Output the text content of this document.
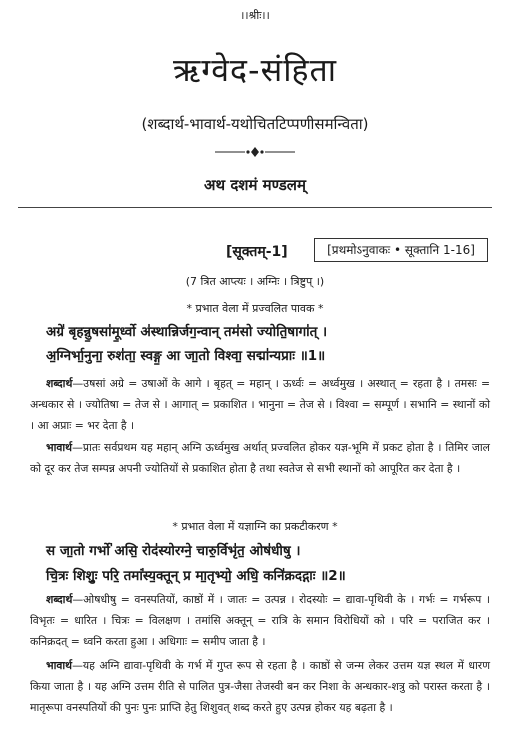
।।श्रीः।।
ऋग्वेद-संहिता
(शब्दार्थ-भावार्थ-यथोचितटिप्पणीसमन्विता)
अथ दशमं मण्डलम्
[सूक्तम्-1]	[प्रथमोऽनुवाकः • सूक्तानि 1-16]
(7 त्रित आप्त्यः । अग्निः । त्रिष्टुप् ।)
* प्रभात वेला में प्रज्वलित पावक *
अग्रे॑ बृहन्नु॒षसा॑मू॒र्ध्वो अ॑स्थान्निर्जग॒न्वान् तम॑सो ज्योति॒षागा॑त् ।
अ॒ग्निर्भा॒नुना॒ रुश॑ता॒ स्वङ्ग॒ आ जा॒तो विश्वा॒ सद्मा॑न्यप्राः ॥1॥
शब्दार्थ—उषसां अग्रे = उषाओं के आगे । बृहत् = महान् । ऊर्ध्वः = अर्ध्वमुख । अस्थात् = रहता है । तमसः = अन्धकार से । ज्योतिषा = तेज से । आगात् = प्रकाशित । भानुना = तेज से । विश्वा = सम्पूर्ण । सभानि = स्थानों को । आ अप्राः = भर देता है ।
भावार्थ—प्रातः सर्वप्रथम यह महान् अग्नि ऊर्ध्वमुख अर्थात् प्रज्वलित होकर यज्ञ-भूमि में प्रकट होता है । तिमिर जाल को दूर कर तेज सम्पन्न अपनी ज्योतियों से प्रकाशित होता है तथा स्वतेज से सभी स्थानों को आपूरित कर देता है ।
* प्रभात वेला में यज्ञाग्नि का प्रकटीकरण *
स जा॒तो गर्भो॑ असि॒ रोद॑स्योरग्ने॒ चारु॒र्विभृ॑त॒ ओष॑धीषु ।
चि॒त्रः शिशुः॒ परि॒ तमां॑स्य॒क्तून् प्र मा॒तृभ्यो॒ अधि॒ कनि॑क्रदद्गाः ॥2॥
शब्दार्थ—ओषधीषु = वनस्पतियों, काष्ठों में । जातः = उत्पन्न । रोदस्योः = द्यावा-पृथिवी के । गर्भः = गर्भरूप । विभृतः = धारित । चित्रः = विलक्षण । तमांसि अक्तून् = रात्रि के समान विरोधियों को । परि = पराजित कर । कनिक्रदत् = ध्वनि करता हुआ । अधिगाः = समीप जाता है ।
भावार्थ—यह अग्नि द्यावा-पृथिवी के गर्भ में गुप्त रूप से रहता है । काष्ठों से जन्म लेकर उत्तम यज्ञ स्थल में धारण किया जाता है । यह अग्नि उत्तम रीति से पालित पुत्र-जैसा तेजस्वी बन कर निशा के अन्धकार-शत्रु को परास्त करता है । मातृरूपा वनस्पतियों की पुनः पुनः प्राप्ति हेतु शिशुवत् शब्द करते हुए उत्पन्न होकर यह बढ़ता है ।
